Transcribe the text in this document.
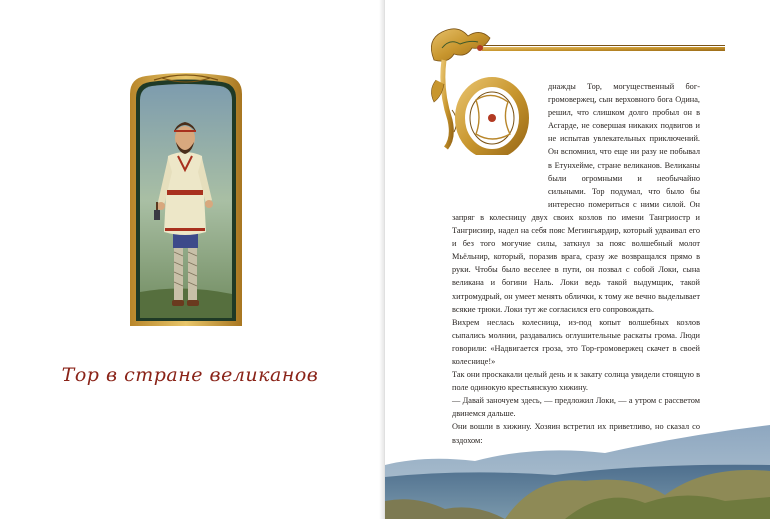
Тор в стране великанов

днажды Тор, могущественный бог-громовержец, сын верховного бога Одина, решил, что слишком долго пробыл он в Асгарде, не совершая никаких подвигов и не испытав увлекательных приключений. Он вспомнил, что еще ни разу не побывал в Етунхейме, стране великанов. Великаны были огромными и необычайно сильными. Тор подумал, что было бы интересно помериться с ними силой. Он запряг в колесницу двух своих козлов по имени Тангриостр и Тангрисиир, надел на себя пояс Мегингьярдир, который удваивал его и без того могучие силы, заткнул за пояс волшебный молот Мьёльнир, который, поразив врага, сразу же возвращался прямо в руки. Чтобы было веселее в пути, он позвал с собой Локи, сына великана и богини Наль. Локи ведь такой выдумщик, такой хитромудрый, он умеет менять облички, к тому же вечно выделывает всякие трюки. Локи тут же согласился его сопровождать.

Вихрем неслась колесница, из-под копыт волшебных козлов сыпались молнии, раздавались оглушительные раскаты грома. Люди говорили: «Надвигается гроза, это Тор-громовержец скачет в своей колеснице!»

Так они проскакали целый день и к закату солнца увидели стоящую в поле одинокую крестьянскую хижину.

— Давай заночуем здесь, — предложил Локи, — а утром с рассветом двинемся дальше.

Они вошли в хижину. Хозяин встретил их приветливо, но сказал со вздохом:
